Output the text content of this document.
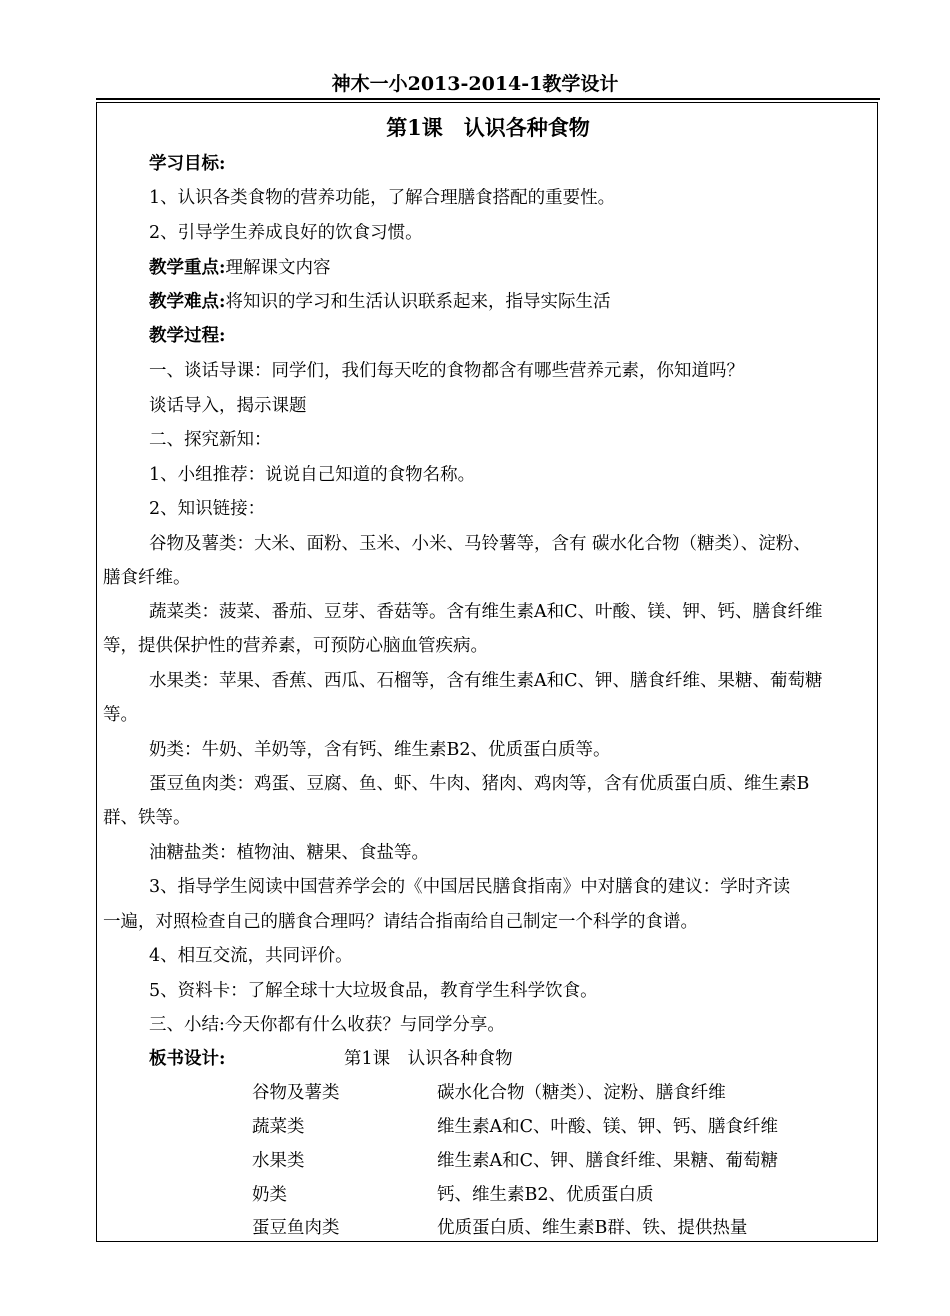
神木一小2013-2014-1教学设计
第1课　认识各种食物
学习目标:
1、认识各类食物的营养功能，了解合理膳食搭配的重要性。
2、引导学生养成良好的饮食习惯。
教学重点:理解课文内容
教学难点:将知识的学习和生活认识联系起来，指导实际生活
教学过程:
一、谈话导课：同学们，我们每天吃的食物都含有哪些营养元素，你知道吗？
谈话导入，揭示课题
二、探究新知：
1、小组推荐：说说自己知道的食物名称。
2、知识链接：
谷物及薯类：大米、面粉、玉米、小米、马铃薯等，含有 碳水化合物（糖类）、淀粉、
膳食纤维。
蔬菜类：菠菜、番茄、豆芽、香菇等。含有维生素A和C、叶酸、镁、钾、钙、膳食纤维
等，提供保护性的营养素，可预防心脑血管疾病。
水果类：苹果、香蕉、西瓜、石榴等，含有维生素A和C、钾、膳食纤维、果糖、葡萄糖
等。
奶类：牛奶、羊奶等，含有钙、维生素B2、优质蛋白质等。
蛋豆鱼肉类：鸡蛋、豆腐、鱼、虾、牛肉、猪肉、鸡肉等，含有优质蛋白质、维生素B
群、铁等。
油糖盐类：植物油、糖果、食盐等。
3、指导学生阅读中国营养学会的《中国居民膳食指南》中对膳食的建议：学时齐读
一遍，对照检查自己的膳食合理吗？请结合指南给自己制定一个科学的食谱。
4、相互交流，共同评价。
5、资料卡：了解全球十大垃圾食品，教育学生科学饮食。
三、小结:今天你都有什么收获？与同学分享。
板书设计:	第1课　认识各种食物
谷物及薯类	碳水化合物（糖类）、淀粉、膳食纤维
蔬菜类	维生素A和C、叶酸、镁、钾、钙、膳食纤维
水果类	维生素A和C、钾、膳食纤维、果糖、葡萄糖
奶类	钙、维生素B2、优质蛋白质
蛋豆鱼肉类	优质蛋白质、维生素B群、铁、提供热量
